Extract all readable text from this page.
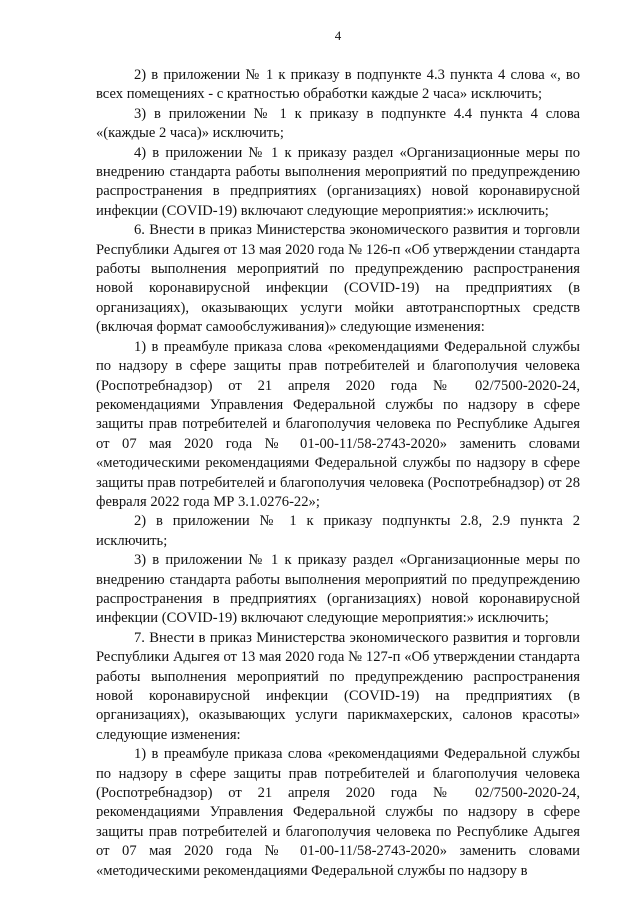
4

2) в приложении № 1 к приказу в подпункте 4.3 пункта 4 слова «, во всех помещениях - с кратностью обработки каждые 2 часа» исключить;

3) в приложении № 1 к приказу в подпункте 4.4 пункта 4 слова «(каждые 2 часа)» исключить;

4) в приложении № 1 к приказу раздел «Организационные меры по внедрению стандарта работы выполнения мероприятий по предупреждению распространения в предприятиях (организациях) новой коронавирусной инфекции (COVID-19) включают следующие мероприятия:» исключить;

6. Внести в приказ Министерства экономического развития и торговли Республики Адыгея от 13 мая 2020 года № 126-п «Об утверждении стандарта работы выполнения мероприятий по предупреждению распространения новой коронавирусной инфекции (COVID-19) на предприятиях (в организациях), оказывающих услуги мойки автотранспортных средств (включая формат самообслуживания)» следующие изменения:

1) в преамбуле приказа слова «рекомендациями Федеральной службы по надзору в сфере защиты прав потребителей и благополучия человека (Роспотребнадзор) от 21 апреля 2020 года № 02/7500-2020-24, рекомендациями Управления Федеральной службы по надзору в сфере защиты прав потребителей и благополучия человека по Республике Адыгея от 07 мая 2020 года № 01-00-11/58-2743-2020» заменить словами «методическими рекомендациями Федеральной службы по надзору в сфере защиты прав потребителей и благополучия человека (Роспотребнадзор) от 28 февраля 2022 года МР 3.1.0276-22»;

2) в приложении № 1 к приказу подпункты 2.8, 2.9 пункта 2 исключить;

3) в приложении № 1 к приказу раздел «Организационные меры по внедрению стандарта работы выполнения мероприятий по предупреждению распространения в предприятиях (организациях) новой коронавирусной инфекции (COVID-19) включают следующие мероприятия:» исключить;

7. Внести в приказ Министерства экономического развития и торговли Республики Адыгея от 13 мая 2020 года № 127-п «Об утверждении стандарта работы выполнения мероприятий по предупреждению распространения новой коронавирусной инфекции (COVID-19) на предприятиях (в организациях), оказывающих услуги парикмахерских, салонов красоты» следующие изменения:

1) в преамбуле приказа слова «рекомендациями Федеральной службы по надзору в сфере защиты прав потребителей и благополучия человека (Роспотребнадзор) от 21 апреля 2020 года № 02/7500-2020-24, рекомендациями Управления Федеральной службы по надзору в сфере защиты прав потребителей и благополучия человека по Республике Адыгея от 07 мая 2020 года № 01-00-11/58-2743-2020» заменить словами «методическими рекомендациями Федеральной службы по надзору в
